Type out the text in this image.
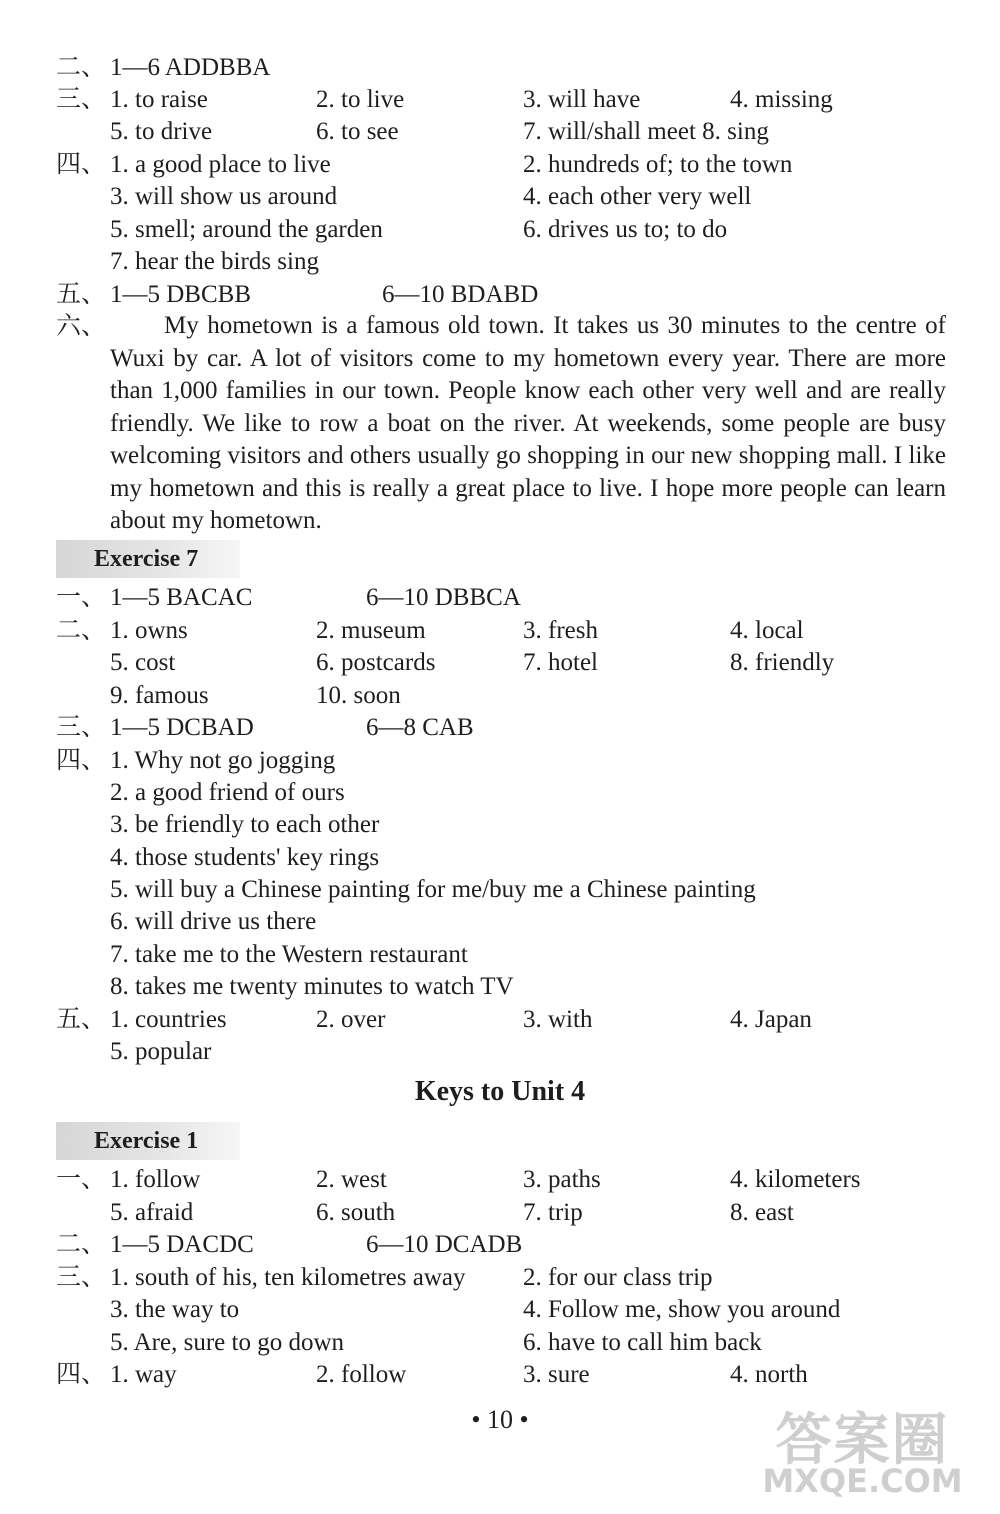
二、 1—6 ADDBBA
三、 1. to raise	2. to live	3. will have	4. missing
5. to drive	6. to see	7. will/shall meet 8. sing
四、 1. a good place to live	2. hundreds of; to the town
3. will show us around	4. each other very well
5. smell; around the garden	6. drives us to; to do
7. hear the birds sing
五、 1—5 DBCBB	6—10 BDABD
一、 1—5 BACAC	6—10 DBBCA
二、 1. owns	2. museum	3. fresh	4. local
5. cost	6. postcards	7. hotel	8. friendly
9. famous	10. soon
三、 1—5 DCBAD	6—8 CAB
四、 1. Why not go jogging
2. a good friend of ours
3. be friendly to each other
4. those students' key rings
5. will buy a Chinese painting for me/buy me a Chinese painting
6. will drive us there
7. take me to the Western restaurant
8. takes me twenty minutes to watch TV
五、 1. countries	2. over	3. with	4. Japan
5. popular
一、 1. follow	2. west	3. paths	4. kilometers
5. afraid	6. south	7. trip	8. east
二、 1—5 DACDC	6—10 DCADB
三、 1. south of his, ten kilometres away 2. for our class trip
3. the way to	4. Follow me, show you around
5. Are, sure to go down	6. have to call him back
四、 1. way	2. follow	3. sure	4. north
六、	My hometown is a famous old town. It takes us 30 minutes to the centre of Wuxi by car. A lot of visitors come to my hometown every year. There are more than 1,000 families in our town. People know each other very well and are really friendly. We like to row a boat on the river. At weekends, some people are busy welcoming visitors and others usually go shopping in our new shopping mall. I like my hometown and this is really a great place to live. I hope more people can learn about my hometown.
Exercise 7
Keys to Unit 4
Exercise 1
• 10 •	答案圈
MXQE.COM
